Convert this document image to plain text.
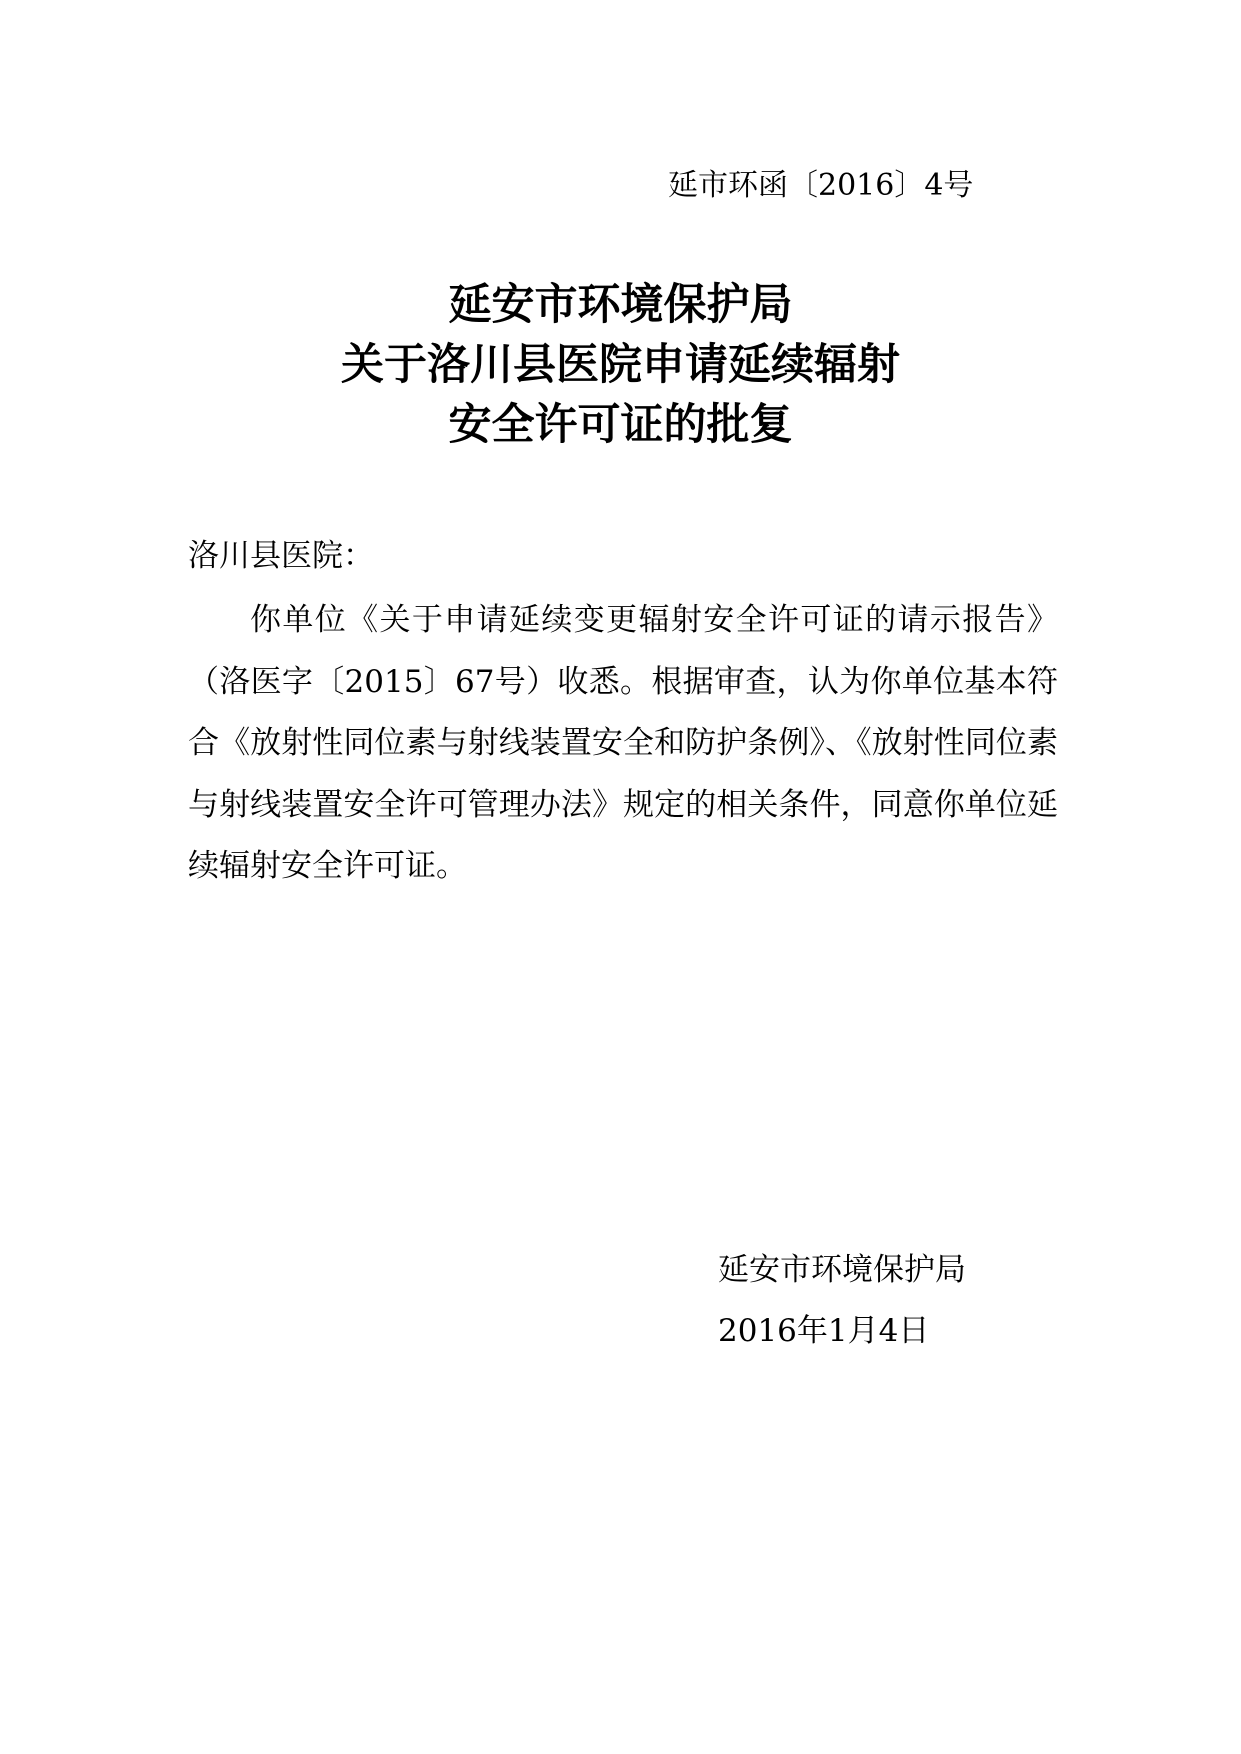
延市环函〔2016〕4号
延安市环境保护局
关于洛川县医院申请延续辐射
安全许可证的批复
洛川县医院：

你单位《关于申请延续变更辐射安全许可证的请示报告》（洛医字〔2015〕67号）收悉。根据审查，认为你单位基本符合《放射性同位素与射线装置安全和防护条例》、《放射性同位素与射线装置安全许可管理办法》规定的相关条件，同意你单位延续辐射安全许可证。

延安市环境保护局
2016年1月4日
